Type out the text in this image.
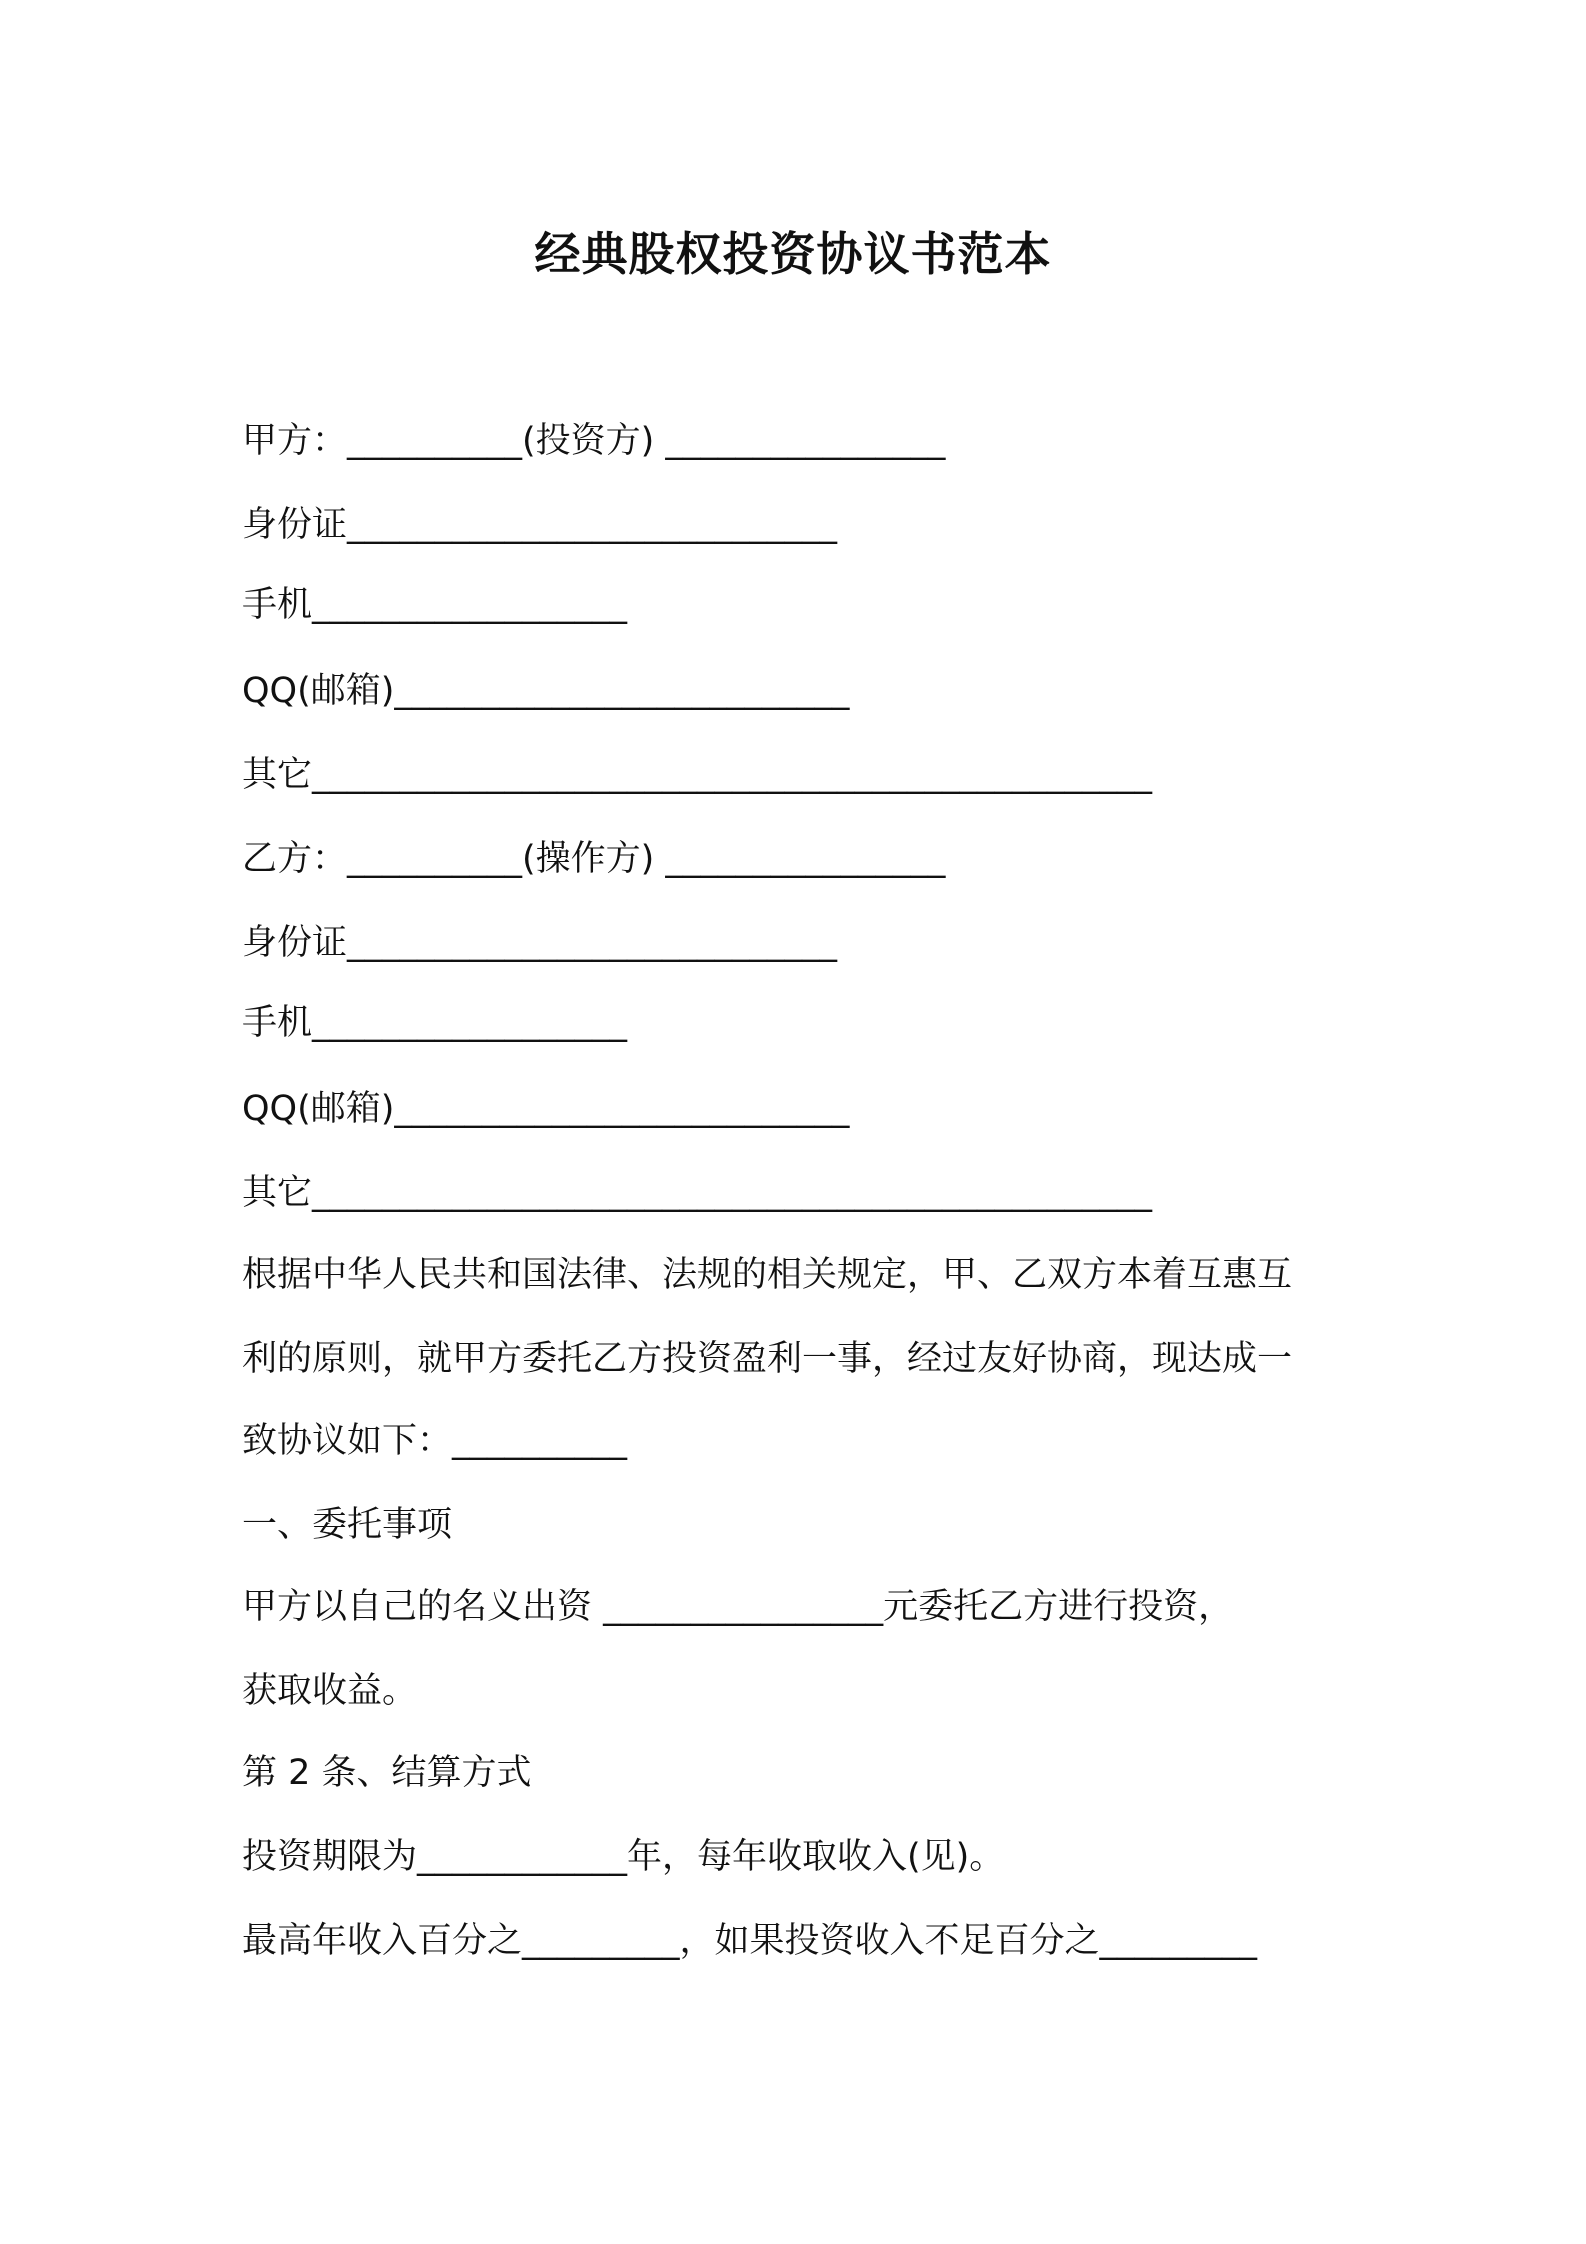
经典股权投资协议书范本
甲方：__________(投资方) ________________
身份证____________________________
手机__________________
QQ(邮箱)__________________________
其它________________________________________________
乙方：__________(操作方) ________________
身份证____________________________
手机__________________
QQ(邮箱)__________________________
其它________________________________________________
根据中华人民共和国法律、法规的相关规定，甲、乙双方本着互惠互
利的原则，就甲方委托乙方投资盈利一事，经过友好协商，现达成一
致协议如下：__________
一、委托事项
甲方以自己的名义出资 ________________元委托乙方进行投资，
获取收益。
第 2 条、结算方式
投资期限为____________年，每年收取收入(见)。
最高年收入百分之_________，如果投资收入不足百分之_________
